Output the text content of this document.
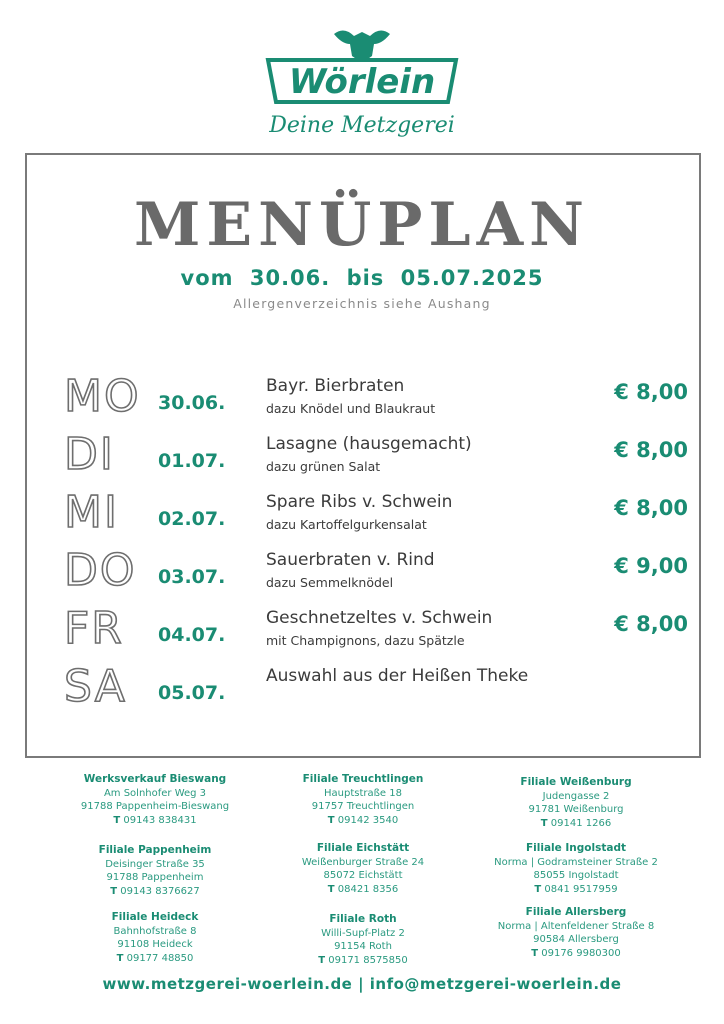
Wörlein
Deine Metzgerei
MENÜPLAN
vom 30.06. bis 05.07.2025
Allergenverzeichnis siehe Aushang
MO 30.06.
Bayr. Bierbraten
dazu Knödel und Blaukraut
€ 8,00
DI 01.07.
Lasagne (hausgemacht)
dazu grünen Salat
€ 8,00
MI 02.07.
Spare Ribs v. Schwein
dazu Kartoffelgurkensalat
€ 8,00
DO 03.07.
Sauerbraten v. Rind
dazu Semmelknödel
€ 9,00
FR 04.07.
Geschnetzeltes v. Schwein
mit Champignons, dazu Spätzle
€ 8,00
SA 05.07.
Auswahl aus der Heißen Theke
Werksverkauf Bieswang
Am Solnhofer Weg 3
91788 Pappenheim-Bieswang
T 09143 838431
Filiale Treuchtlingen
Hauptstraße 18
91757 Treuchtlingen
T 09142 3540
Filiale Weißenburg
Judengasse 2
91781 Weißenburg
T 09141 1266
Filiale Pappenheim
Deisinger Straße 35
91788 Pappenheim
T 09143 8376627
Filiale Eichstätt
Weißenburger Straße 24
85072 Eichstätt
T 08421 8356
Filiale Ingolstadt
Norma | Godramsteiner Straße 2
85055 Ingolstadt
T 0841 9517959
Filiale Heideck
Bahnhofstraße 8
91108 Heideck
T 09177 48850
Filiale Roth
Willi-Supf-Platz 2
91154 Roth
T 09171 8575850
Filiale Allersberg
Norma | Altenfeldener Straße 8
90584 Allersberg
T 09176 9980300
www.metzgerei-woerlein.de | info@metzgerei-woerlein.de
